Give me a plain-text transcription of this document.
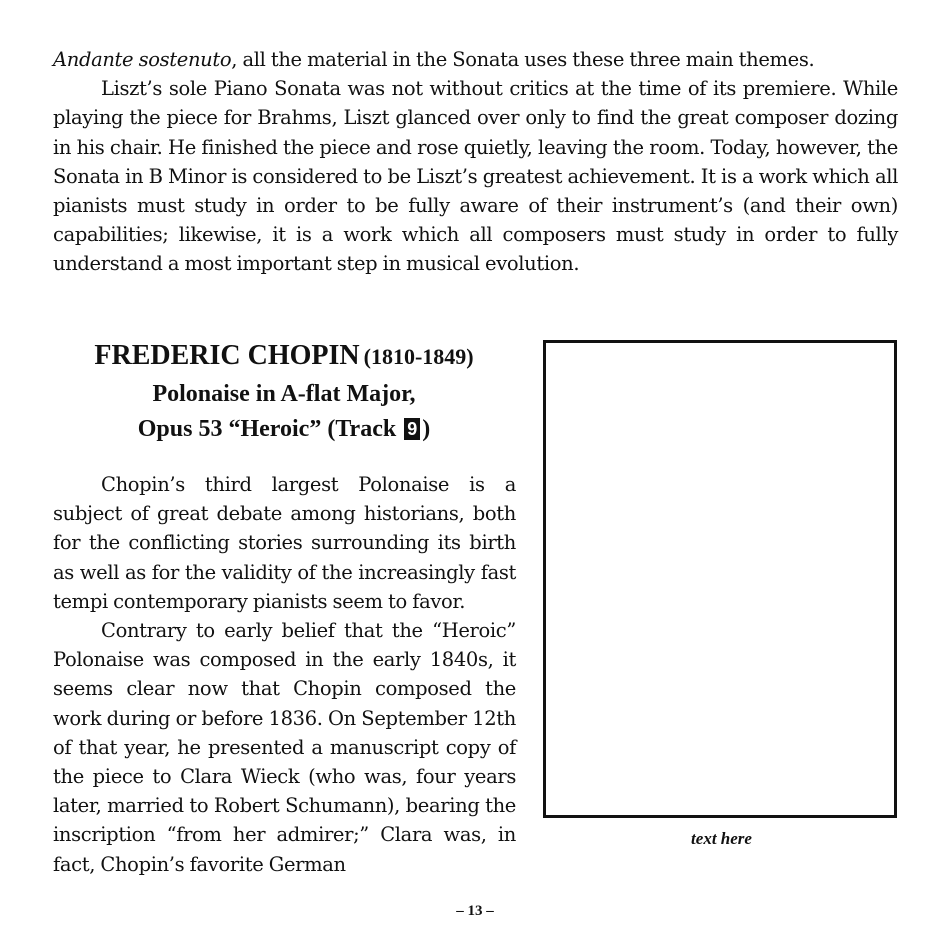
Andante sostenuto, all the material in the Sonata uses these three main themes.

Liszt’s sole Piano Sonata was not without critics at the time of its premiere. While playing the piece for Brahms, Liszt glanced over only to find the great composer dozing in his chair. He finished the piece and rose quietly, leaving the room. Today, however, the Sonata in B Minor is considered to be Liszt’s greatest achievement. It is a work which all pianists must study in order to be fully aware of their instrument’s (and their own) capabilities; likewise, it is a work which all composers must study in order to fully understand a most important step in musical evolution.

FREDERIC CHOPIN (1810-1849)
Polonaise in A-flat Major,
Opus 53 “Heroic” (Track 9 )

Chopin’s third largest Polonaise is a subject of great debate among historians, both for the conflicting stories surrounding its birth as well as for the validity of the increasingly fast tempi contemporary pianists seem to favor.

Contrary to early belief that the “Heroic” Polonaise was composed in the early 1840s, it seems clear now that Chopin composed the work during or before 1836. On September 12th of that year, he presented a manuscript copy of the piece to Clara Wieck (who was, four years later, married to Robert Schumann), bearing the inscription “from her admirer;” Clara was, in fact, Chopin’s favorite German

text here
– 13 –
